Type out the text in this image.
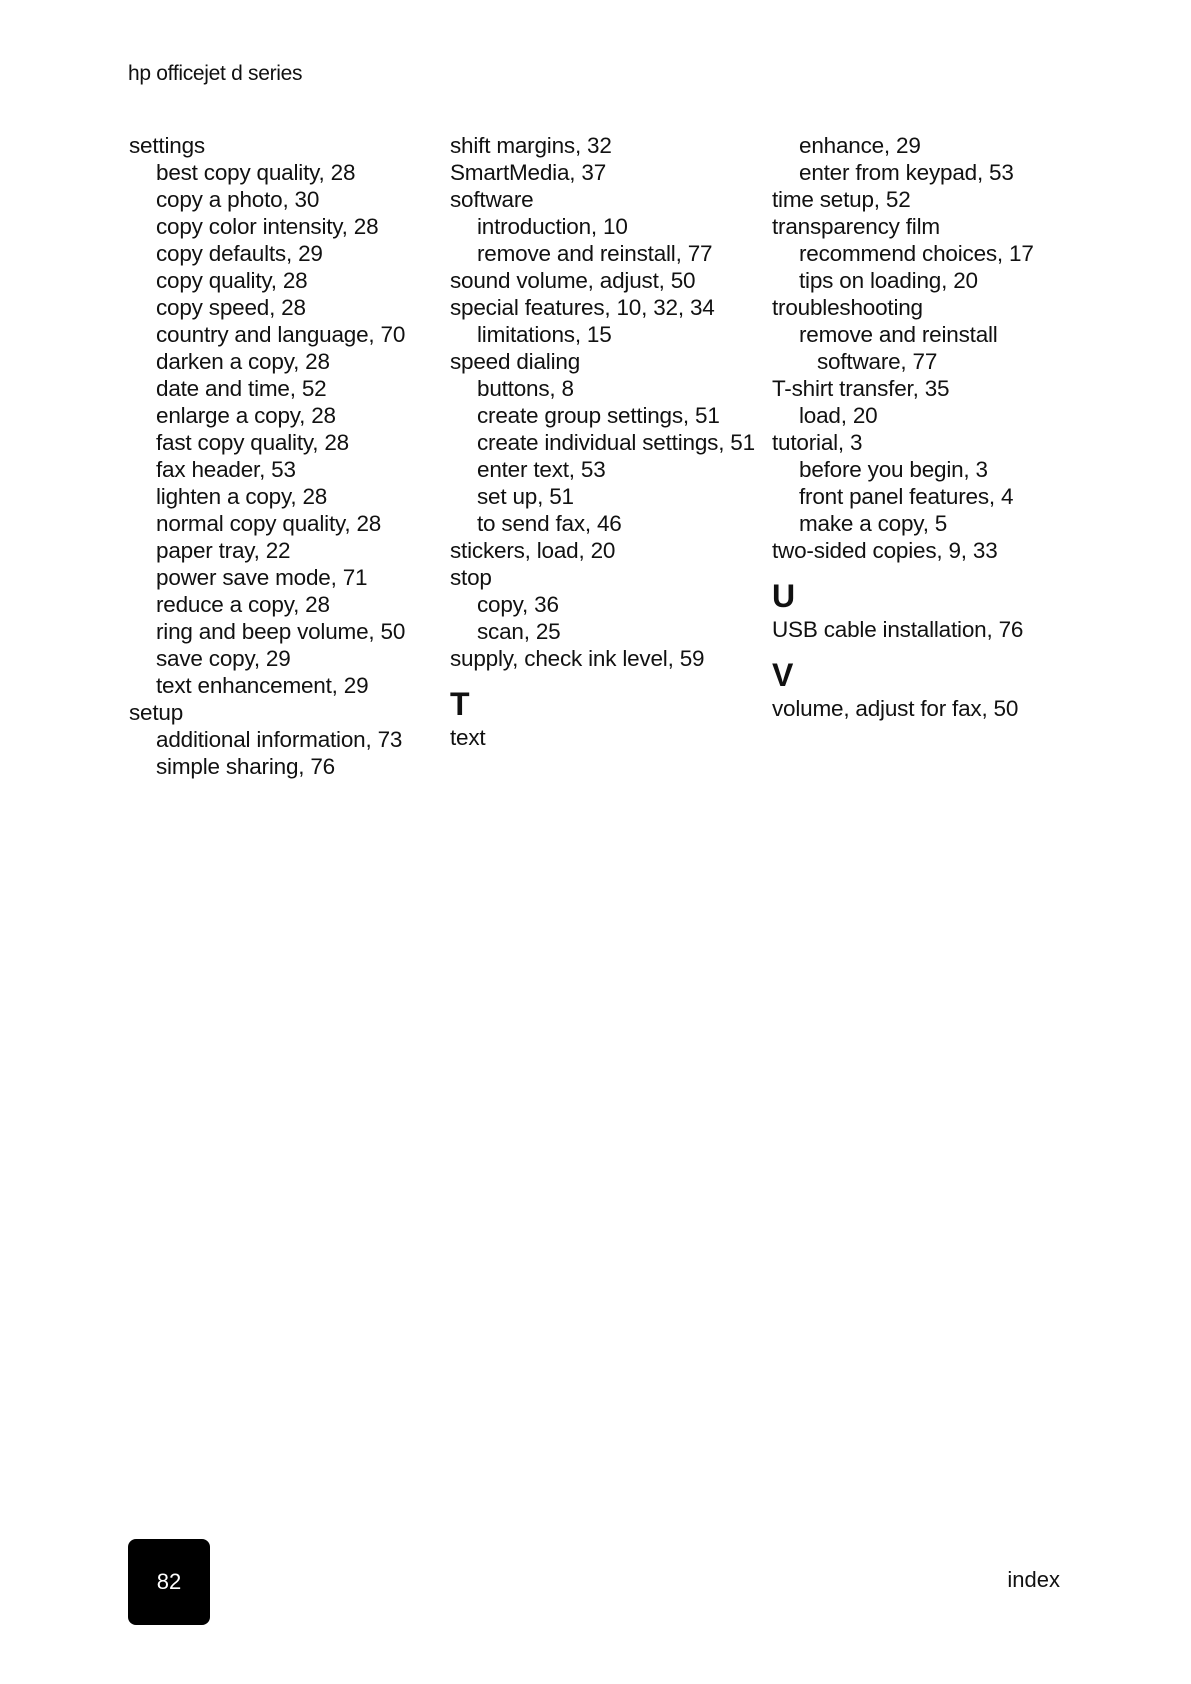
hp officejet d series
settings
best copy quality, 28
copy a photo, 30
copy color intensity, 28
copy defaults, 29
copy quality, 28
copy speed, 28
country and language, 70
darken a copy, 28
date and time, 52
enlarge a copy, 28
fast copy quality, 28
fax header, 53
lighten a copy, 28
normal copy quality, 28
paper tray, 22
power save mode, 71
reduce a copy, 28
ring and beep volume, 50
save copy, 29
text enhancement, 29
setup
additional information, 73
simple sharing, 76
shift margins, 32
SmartMedia, 37
software
introduction, 10
remove and reinstall, 77
sound volume, adjust, 50
special features, 10, 32, 34
limitations, 15
speed dialing
buttons, 8
create group settings, 51
create individual settings, 51
enter text, 53
set up, 51
to send fax, 46
stickers, load, 20
stop
copy, 36
scan, 25
supply, check ink level, 59
T
text
enhance, 29
enter from keypad, 53
time setup, 52
transparency film
recommend choices, 17
tips on loading, 20
troubleshooting
remove and reinstall
software, 77
T-shirt transfer, 35
load, 20
tutorial, 3
before you begin, 3
front panel features, 4
make a copy, 5
two-sided copies, 9, 33
U
USB cable installation, 76
V
volume, adjust for fax, 50
82	index
